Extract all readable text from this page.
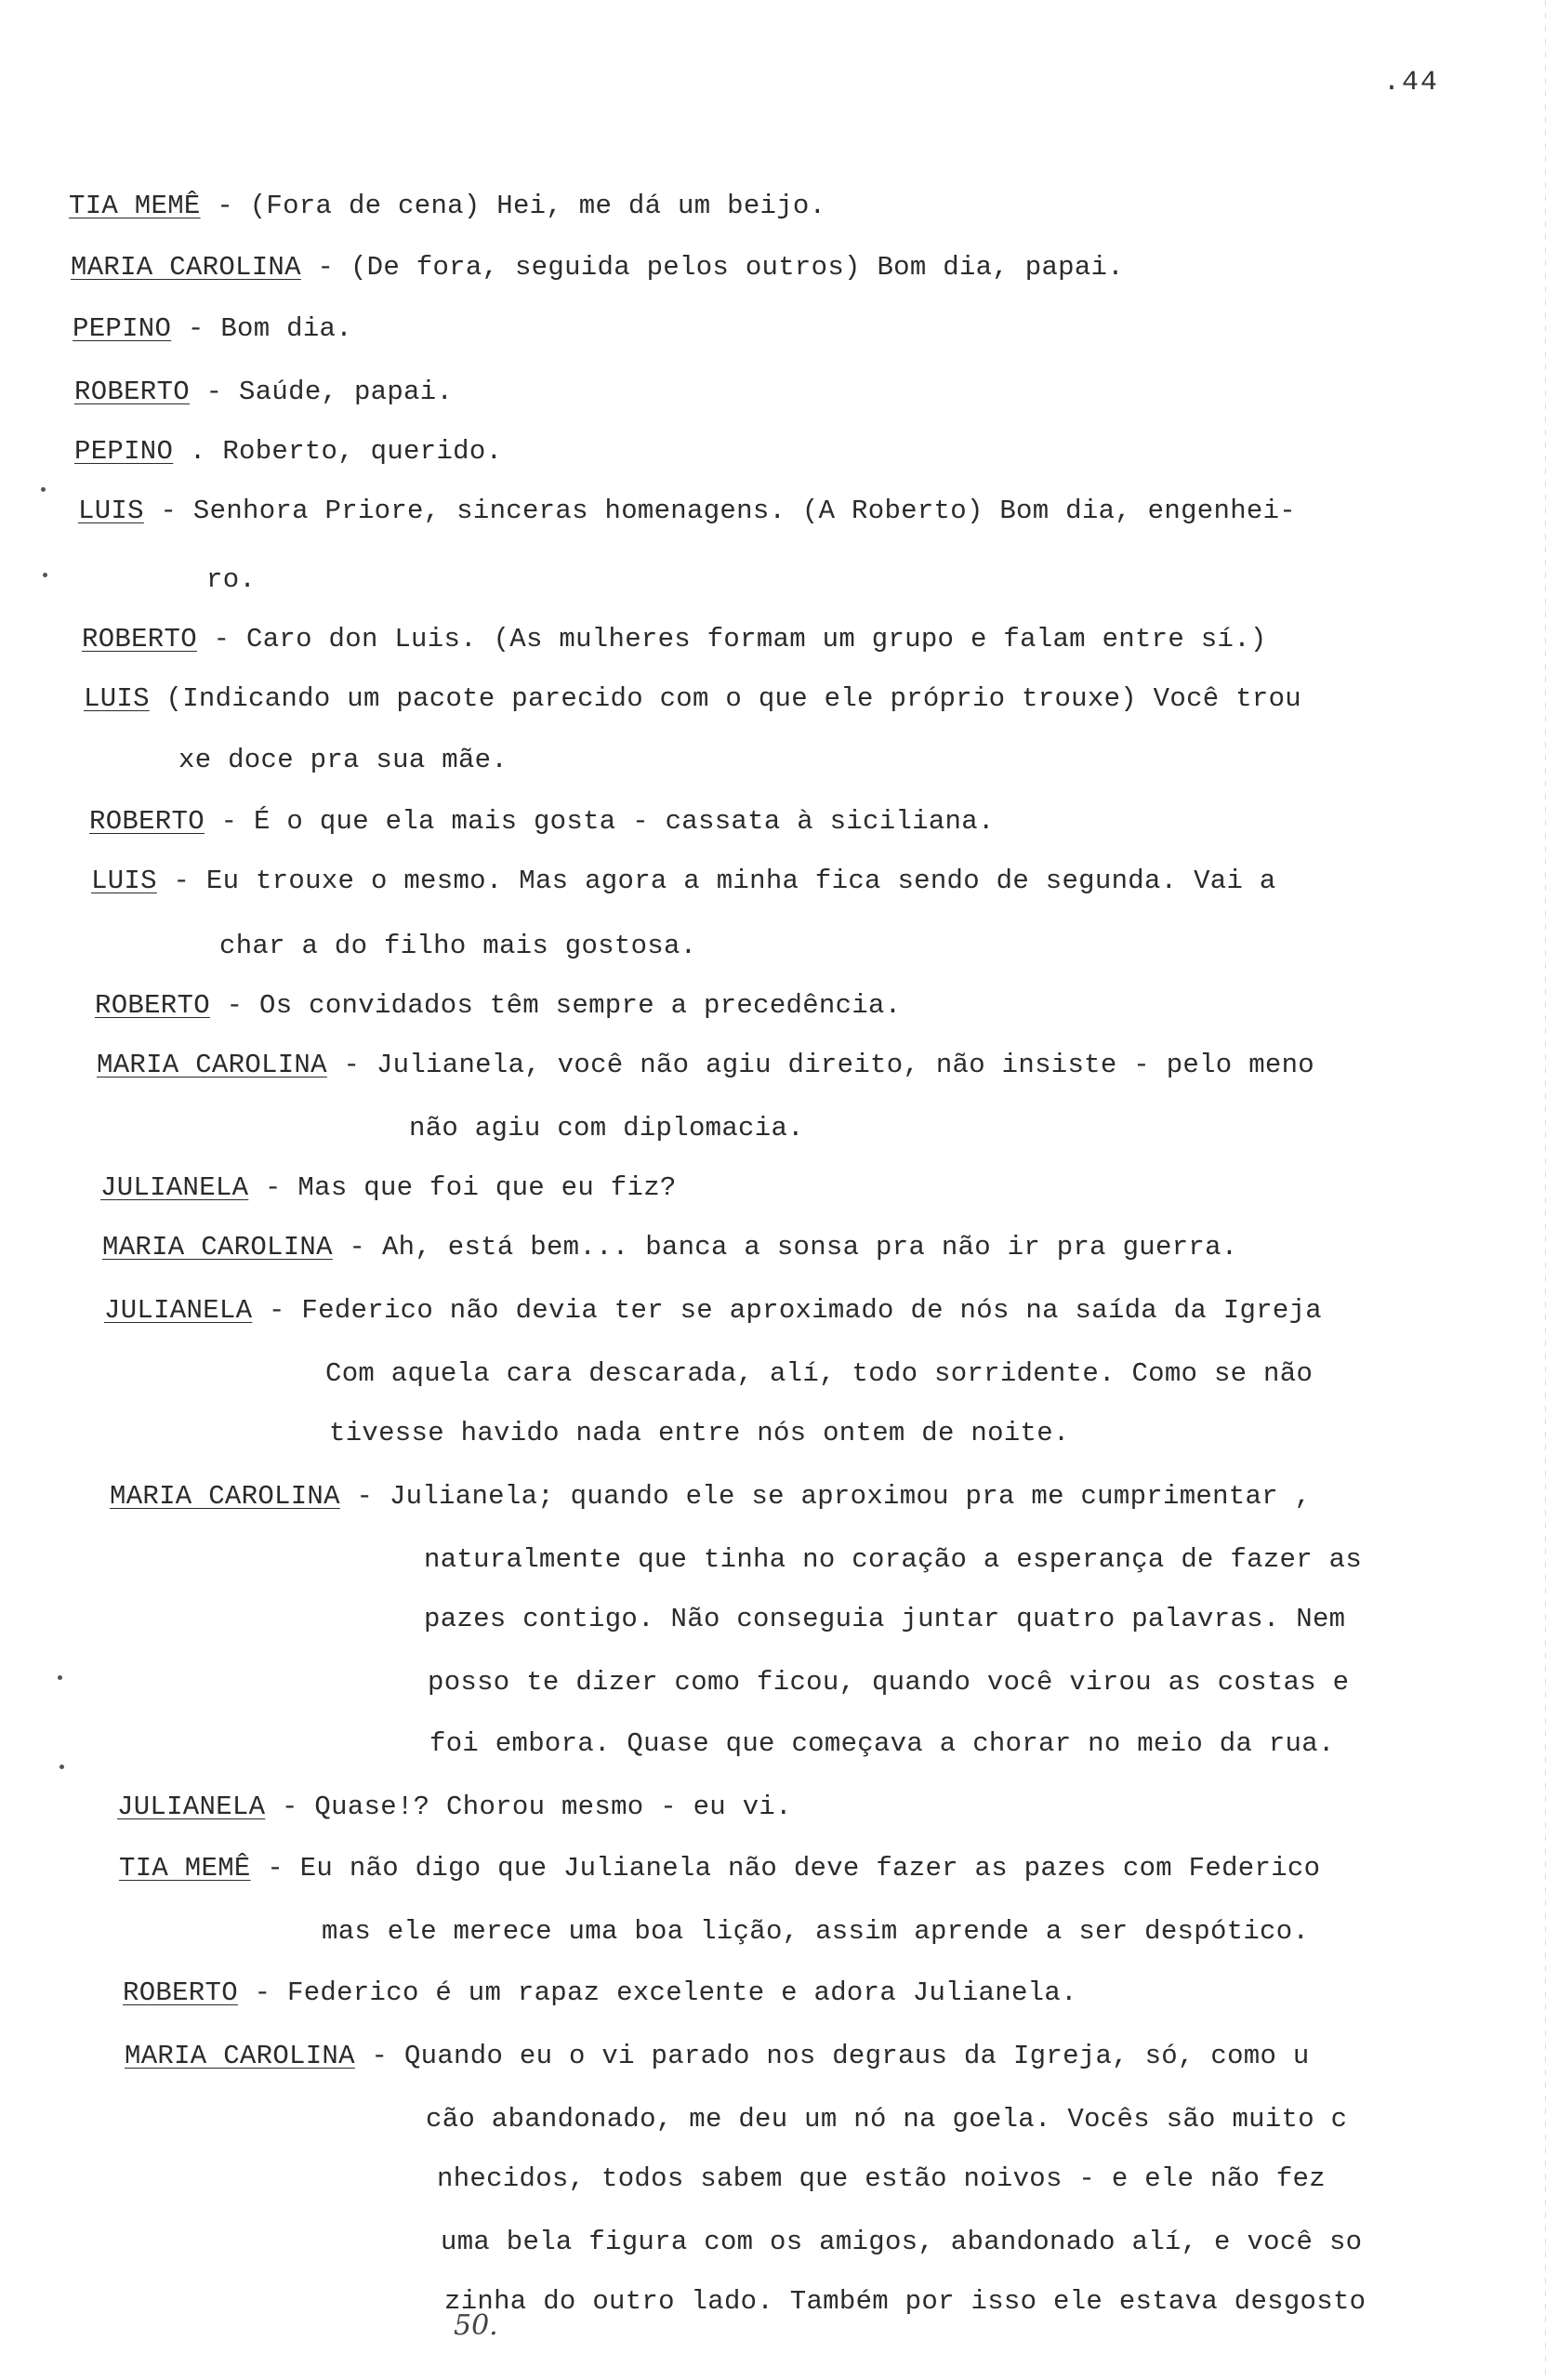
.44
TIA MEMÊ - (Fora de cena) Hei, me dá um beijo.
MARIA CAROLINA - (De fora, seguida pelos outros) Bom dia, papai.
PEPINO - Bom dia.
ROBERTO - Saúde, papai.
PEPINO . Roberto, querido.
LUIS - Senhora Priore, sinceras homenagens. (A Roberto) Bom dia, engenhei-
ro.
ROBERTO - Caro don Luis. (As mulheres formam um grupo e falam entre sí.)
LUIS (Indicando um pacote parecido com o que ele próprio trouxe) Você trou
xe doce pra sua mãe.
ROBERTO - É o que ela mais gosta - cassata à siciliana.
LUIS - Eu trouxe o mesmo. Mas agora a minha fica sendo de segunda. Vai a
char a do filho mais gostosa.
ROBERTO - Os convidados têm sempre a precedência.
MARIA CAROLINA - Julianela, você não agiu direito, não insiste - pelo meno
não agiu com diplomacia.
JULIANELA - Mas que foi que eu fiz?
MARIA CAROLINA - Ah, está bem... banca a sonsa pra não ir pra guerra.
JULIANELA - Federico não devia ter se aproximado de nós na saída da Igreja
Com aquela cara descarada, alí, todo sorridente. Como se não
tivesse havido nada entre nós ontem de noite.
MARIA CAROLINA - Julianela; quando ele se aproximou pra me cumprimentar ,
naturalmente que tinha no coração a esperança de fazer as
pazes contigo. Não conseguia juntar quatro palavras. Nem
posso te dizer como ficou, quando você virou as costas e
foi embora. Quase que começava a chorar no meio da rua.
JULIANELA - Quase!? Chorou mesmo - eu vi.
TIA MEMÊ - Eu não digo que Julianela não deve fazer as pazes com Federico
mas ele merece uma boa lição, assim aprende a ser despótico.
ROBERTO - Federico é um rapaz excelente e adora Julianela.
MARIA CAROLINA - Quando eu o vi parado nos degraus da Igreja, só, como u
cão abandonado, me deu um nó na goela. Vocês são muito c
nhecidos, todos sabem que estão noivos - e ele não fez
uma bela figura com os amigos, abandonado alí, e você so
zinha do outro lado. Também por isso ele estava desgosto
50.
